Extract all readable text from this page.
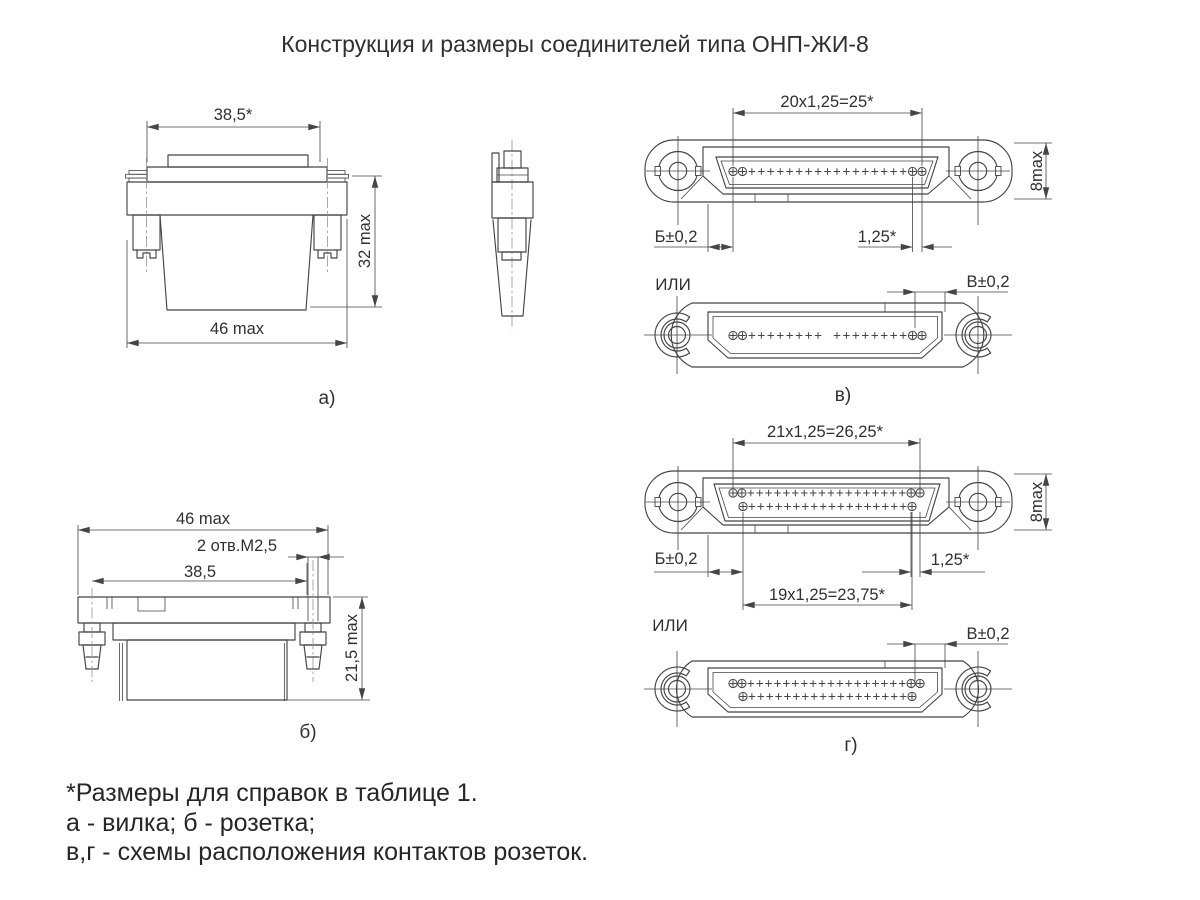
Конструкция и размеры соединителей типа ОНП-ЖИ-8
38,5*
32 max
46 max
а)
46 max
2 отв.М2,5
38,5
21,5 max
б)
20х1,25=25*
8max
Б±0,2	1,25*
В±0,2
ИЛИ
в)
21х1,25=26,25*
8max
Б±0,2	1,25*
19х1,25=23,75*
В±0,2
ИЛИ
г)
*Размеры для справок в таблице 1.
а - вилка; б - розетка;
в,г - схемы расположения контактов розеток.
